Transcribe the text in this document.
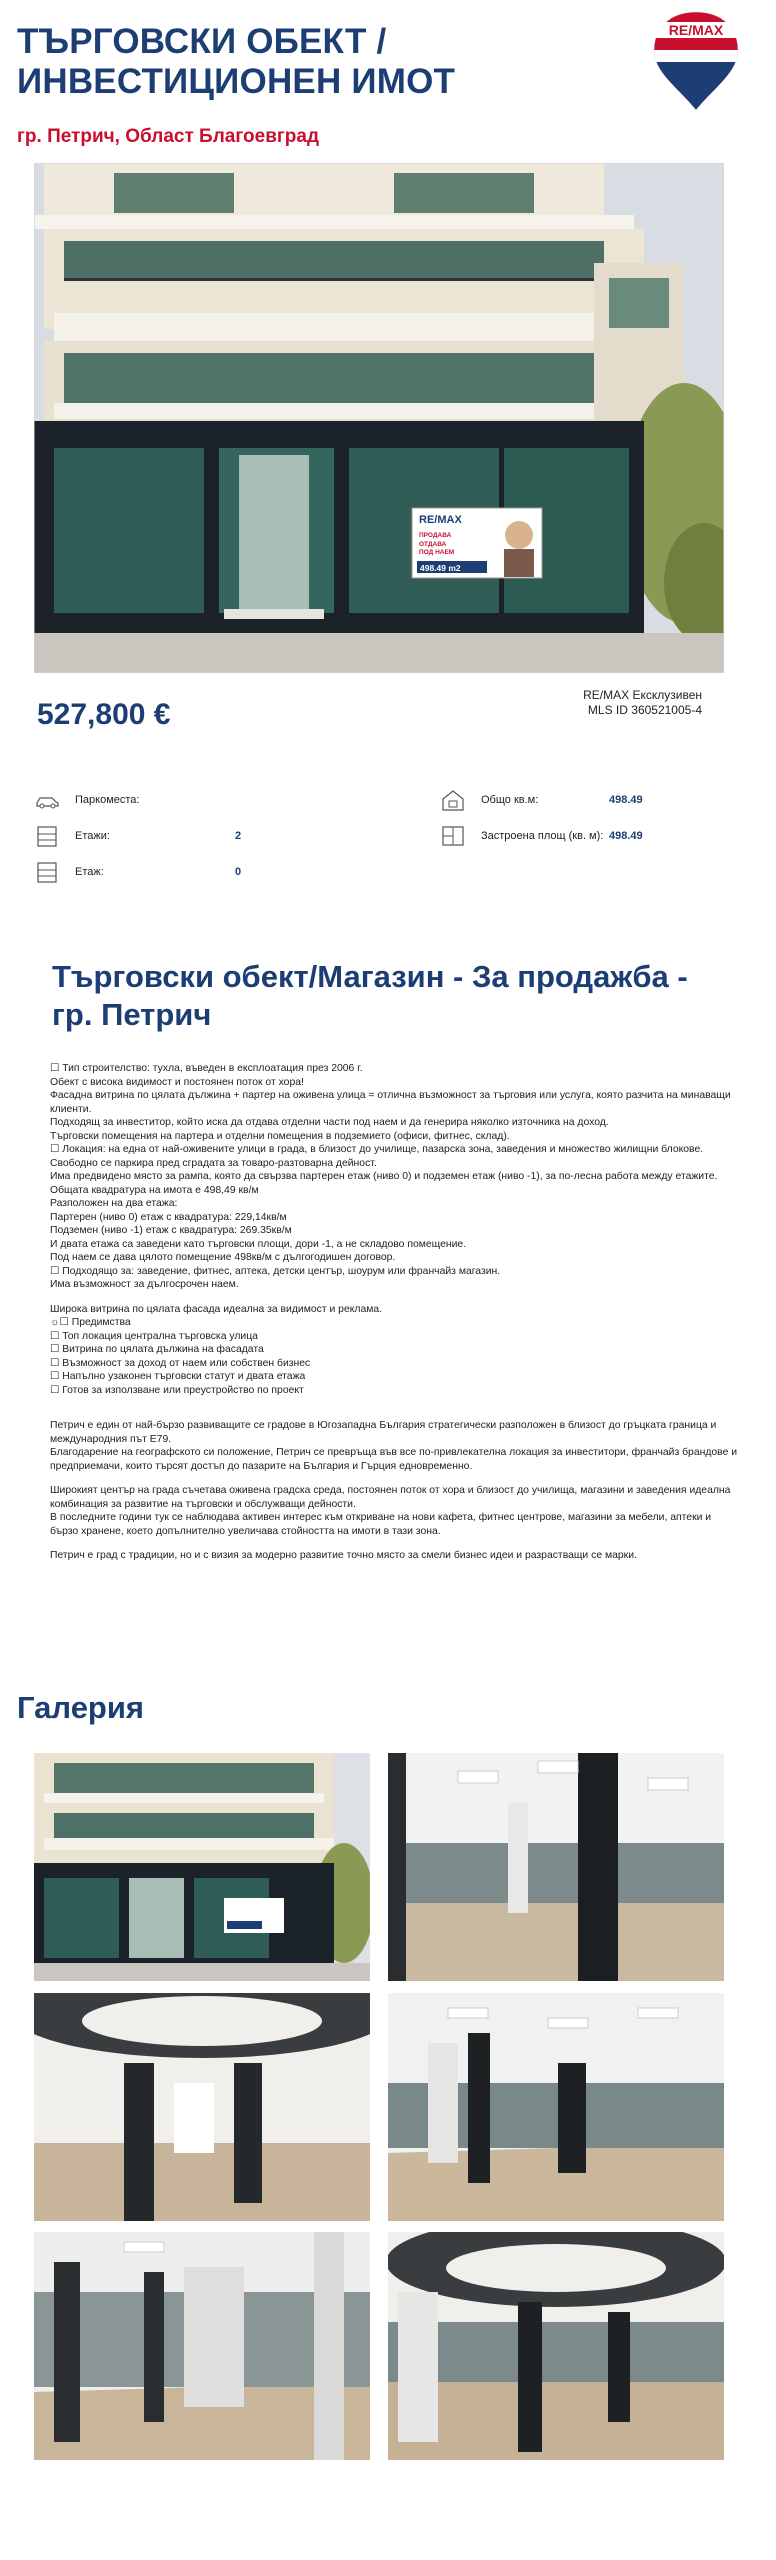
ТЪРГОВСКИ ОБЕКТ / ИНВЕСТИЦИОНЕН ИМОТ
гр. Петрич, Област Благоевград
RE/MAX
RE/MAX
ПРОДАВА
ОТДАВА
ПОД НАЕМ
498.49 m2
527,800 €
RE/MAX Ексклузивен
MLS ID 360521005-4
Паркоместа:
Етажи:	2
Етаж:	0
Общо кв.м:	498.49
Застроена площ (кв. м): 498.49
Търговски обект/Магазин - За продажба - гр. Петрич

☐ Тип строителство: тухла, въведен в експлоатация през 2006 г.

Обект с висока видимост и постоянен поток от хора!

Фасадна витрина по цялата дължина + партер на оживена улица = отлична възможност за търговия или услуга, която разчита на минаващи клиенти.

Подходящ за инвеститор, който иска да отдава отделни части под наем и да генерира няколко източника на доход.

Търговски помещения на партера и отделни помещения в подземието (офиси, фитнес, склад).

☐ Локация: на една от най-оживените улици в града, в близост до училище, пазарска зона, заведения и множество жилищни блокове.

Свободно се паркира пред сградата за товаро-разтоварна дейност.

Има предвидено място за рампа, която да свързва партерен етаж (ниво 0) и подземен етаж (ниво -1), за по-лесна работа между етажите.

Общата квадратура на имота е 498,49 кв/м

Разположен на два етажа:

Партерен (ниво 0) етаж с квадратура: 229,14кв/м

Подземен (ниво -1) етаж с квадратура: 269.35кв/м

И двата етажа са заведени като търговски площи, дори -1, а не складово помещение.

Под наем се дава цялото помещение 498кв/м с дългогодишен договор.

☐ Подходящо за: заведение, фитнес, аптека, детски център, шоурум или франчайз магазин.

Има възможност за дългосрочен наем.

Широка витрина по цялата фасада идеална за видимост и реклама.

☼☐ Предимства

☐ Топ локация централна търговска улица

☐ Витрина по цялата дължина на фасадата

☐ Възможност за доход от наем или собствен бизнес

☐ Напълно узаконен търговски статут и двата етажа

☐ Готов за използване или преустройство по проект

Петрич е един от най-бързо развиващите се градове в Югозападна България стратегически разположен в близост до гръцката граница и международния път Е79.

Благодарение на географското си положение, Петрич се превръща във все по-привлекателна локация за инвеститори, франчайз брандове и предприемачи, които търсят достъп до пазарите на България и Гърция едновременно.

Широкият център на града съчетава оживена градска среда, постоянен поток от хора и близост до училища, магазини и заведения идеална комбинация за развитие на търговски и обслужващи дейности.

В последните години тук се наблюдава активен интерес към откриване на нови кафета, фитнес центрове, магазини за мебели, аптеки и бързо хранене, което допълнително увеличава стойността на имоти в тази зона.

Петрич е град с традиции, но и с визия за модерно развитие точно място за смели бизнес идеи и разрастващи се марки.

Галерия
